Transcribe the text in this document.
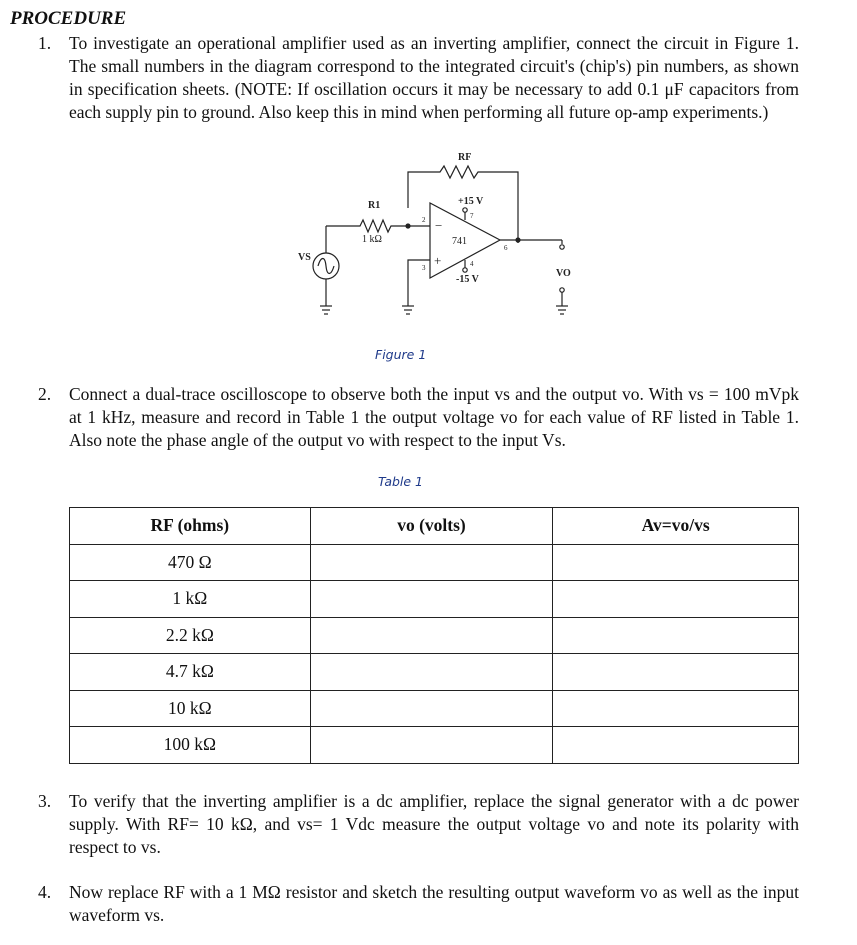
PROCEDURE
1. To investigate an operational amplifier used as an inverting amplifier, connect the circuit in Figure 1. The small numbers in the diagram correspond to the integrated circuit's (chip's) pin numbers, as shown in specification sheets. (NOTE: If oscillation occurs it may be necessary to add 0.1 μF capacitors from each supply pin to ground. Also keep this in mind when performing all future op-amp experiments.)
RF
R1
1 kΩ
−
+
741
2
3
+15 V
7
-15 V
4
6
VO
VS
Figure 1
2. Connect a dual-trace oscilloscope to observe both the input vs and the output vo. With vs = 100 mVpk at 1 kHz, measure and record in Table 1 the output voltage vo for each value of RF listed in Table 1. Also note the phase angle of the output vo with respect to the input Vs.
Table 1
RF (ohms)	vo (volts)	Av=vo/vs
470 Ω		
1 kΩ		
2.2 kΩ		
4.7 kΩ		
10 kΩ		
100 kΩ		
3. To verify that the inverting amplifier is a dc amplifier, replace the signal generator with a dc power supply. With RF= 10 kΩ, and vs= 1 Vdc measure the output voltage vo and note its polarity with respect to vs.
4. Now replace RF with a 1 MΩ resistor and sketch the resulting output waveform vo as well as the input waveform vs.
